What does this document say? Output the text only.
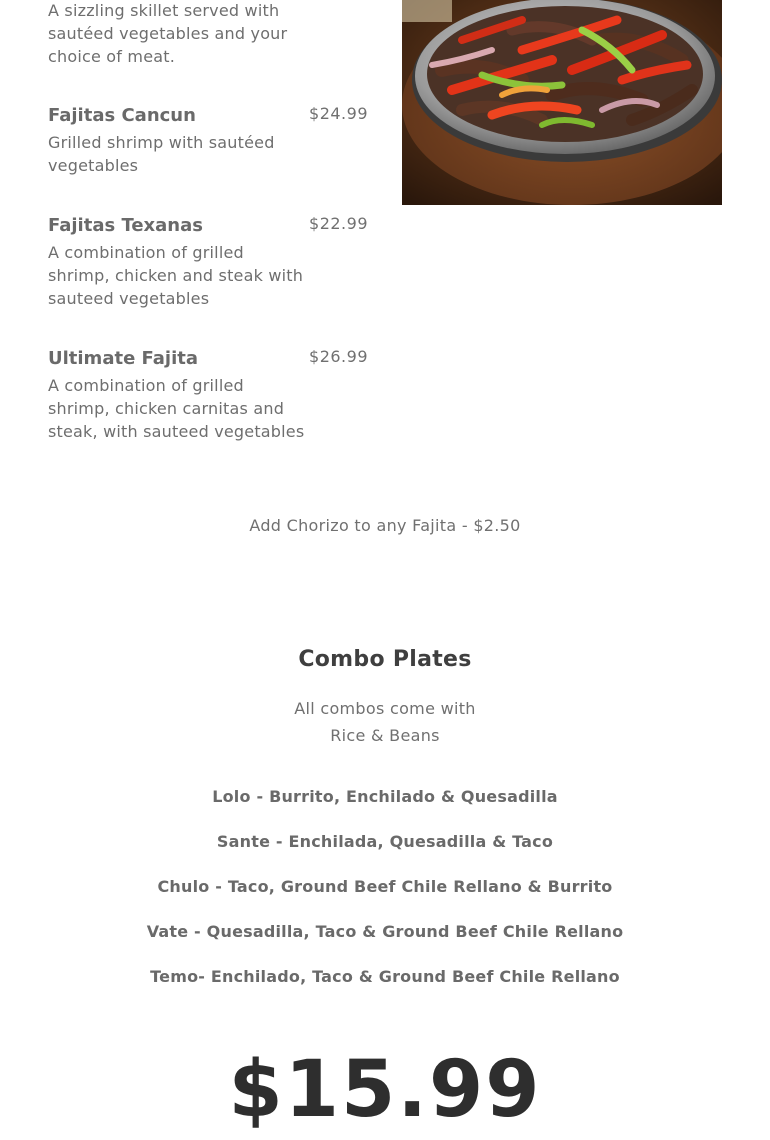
A sizzling skillet served with sautéed vegetables and your choice of meat.
Fajitas Cancun	$24.99
Grilled shrimp with sautéed vegetables
Fajitas Texanas	$22.99
A combination of grilled shrimp, chicken and steak with sauteed vegetables
Ultimate Fajita	$26.99
A combination of grilled shrimp, chicken carnitas and steak, with sauteed vegetables
Add Chorizo to any Fajita - $2.50
Combo Plates
All combos come with
Rice & Beans
Lolo - Burrito, Enchilado & Quesadilla
Sante - Enchilada, Quesadilla & Taco
Chulo - Taco, Ground Beef Chile Rellano & Burrito
Vate - Quesadilla, Taco & Ground Beef Chile Rellano
Temo- Enchilado, Taco & Ground Beef Chile Rellano
$15.99
